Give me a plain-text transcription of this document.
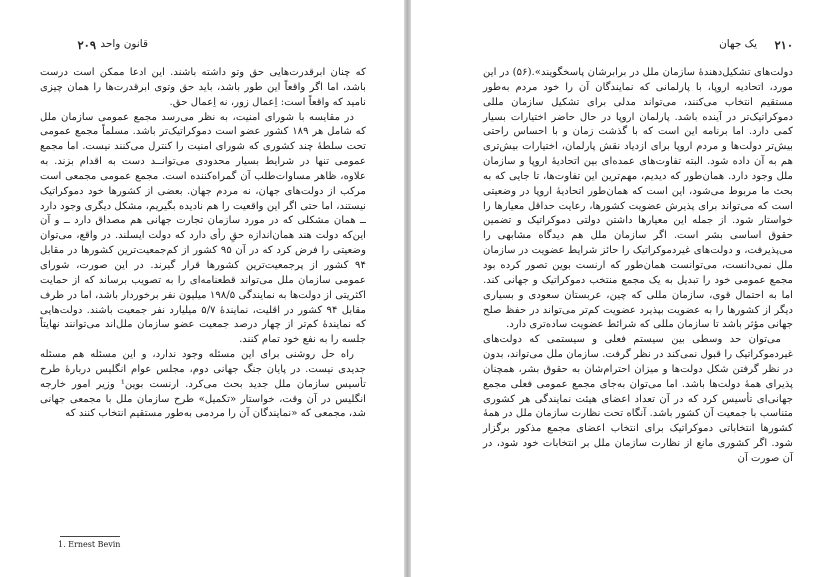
قانون واحد
۲۰۹

که چنان ابرقدرت‌هایی حق وتو داشته باشند. این ادعا ممکن است درست باشد، اما اگر واقعاً این طور باشد، باید حق وتوی ابرقدرت‌ها را همان چیزی نامید که واقعاً است: اِعمال زور، نه اِعمال حق.

در مقایسه با شورای امنیت، به نظر می‌رسد مجمع عمومی سازمان ملل که شامل هر ۱۸۹ کشور عضو است دموکراتیک‌تر باشد. مسلماً مجمع عمومی تحت سلطهٔ چند کشوری که شورای امنیت را کنترل می‌کنند نیست. اما مجمع عمومی تنها در شرایط بسیار محدودی می‌توانــد دست به اقدام بزند. به علاوه، ظاهر مساوات‌طلب آن گمراه‌کننده است. مجمع عمومی مجمعی است مرکب از دولت‌های جهان، نه مردم جهان. بعضی از کشورها خود دموکراتیک نیستند، اما حتی اگر این واقعیت را هم نادیده بگیریم، مشکل دیگری وجود دارد ــ همان مشکلی که در مورد سازمان تجارت جهانی هم مصداق دارد ــ و آن این‌که دولت هند همان‌اندازه حقِ رأی دارد که دولت ایسلند. در واقع، می‌توان وضعیتی را فرض کرد که در آن ۹۵ کشور از کم‌جمعیت‌ترین کشورها در مقابل ۹۴ کشور از پرجمعیت‌ترین کشورها قرار گیرند. در این صورت، شورای عمومی سازمان ملل می‌تواند قطعنامه‌ای را به تصویب برساند که از حمایت اکثریتی از دولت‌ها به نمایندگی ۱۹۸/۵ میلیون نفر برخوردار باشد، اما در طرف مقابل ۹۴ کشور در اقلیت، نمایندهٔ ۵/۷ میلیارد نفر جمعیت باشند. دولت‌هایی که نمایندهٔ کم‌تر از چهار درصد جمعیت عضو سازمان ملل‌اند می‌توانند نهایتاً جلسه را به نفع خود تمام کنند.

راه حل روشنی برای این مسئله وجود ندارد، و این مسئله هم مسئله جدیدی نیست. در پایان جنگ جهانی دوم، مجلس عوام انگلیس دربارهٔ طرح تأسیس سازمان ملل جدید بحث می‌کرد. ارنست بوین¹ وزیر امور خارجه انگلیس در آن وقت، خواستار «تکمیل» طرح سازمان ملل با مجمعی جهانی شد، مجمعی که «نمایندگان آن را مردمی به‌طور مستقیم انتخاب کنند که

1. Ernest Bevin
۲۱۰
یک جهان

دولت‌های تشکیل‌دهندهٔ سازمان ملل در برابرشان پاسخگویند».(۵۶) در این مورد، اتحادیه اروپا، با پارلمانی که نمایندگان آن را خود مردم به‌طور مستقیم انتخاب می‌کنند، می‌تواند مدلی برای تشکیل سازمان مللی دموکراتیک‌تر در آینده باشد. پارلمان اروپا در حال حاضر اختیارات بسیار کمی دارد. اما برنامه این است که با گذشت زمان و با احساس راحتی بیش‌تر دولت‌ها و مردم اروپا برای ازدیاد نقش پارلمان، اختیارات بیش‌تری هم به آن داده شود. البته تفاوت‌های عمده‌ای بین اتحادیهٔ اروپا و سازمان ملل وجود دارد. همان‌طور که دیدیم، مهم‌ترین این تفاوت‌ها، تا جایی که به بحث ما مربوط می‌شود، این است که همان‌طور اتحادیهٔ اروپا در وضعیتی است که می‌تواند برای پذیرش عضویت کشورها، رعایت حداقل معیارها را خواستار شود. از جمله این معیارها داشتن دولتی دموکراتیک و تضمین حقوق اساسی بشر است. اگر سازمان ملل هم دیدگاه مشابهی را می‌پذیرفت، و دولت‌های غیردموکراتیک را حائز شرایط عضویت در سازمان ملل نمی‌دانست، می‌توانست همان‌طور که ارنست بوین تصور کرده بود مجمع عمومی خود را تبدیل به یک مجمع منتخب دموکراتیک و جهانی کند. اما به احتمال قوی، سازمان مللی که چین، عربستان سعودی و بسیاری دیگر از کشورها را به عضویت بپذیرد عضویت کم‌تر می‌تواند در حفظ صلح جهانی مؤثر باشد تا سازمان مللی که شرائط عضویت ساده‌تری دارد.

می‌توان حد وسطی بین سیستم فعلی و سیستمی که دولت‌های غیردموکراتیک را قبول نمی‌کند در نظر گرفت. سازمان ملل می‌تواند، بدون در نظر گرفتن شکل دولت‌ها و میزان احترام‌شان به حقوق بشر، همچنان پذیرای همهٔ دولت‌ها باشد. اما می‌توان به‌جای مجمع عمومی فعلی مجمع جهانی‌ای تأسیس کرد که در آن تعداد اعضای هیئت نمایندگی هر کشوری متناسب با جمعیت آن کشور باشد. آنگاه تحت نظارت سازمان ملل در همهٔ کشورها انتخاباتی دموکراتیک برای انتخاب اعضای مجمع مذکور برگزار شود. اگر کشوری مانع از نظارت سازمان ملل بر انتخابات خود شود، در آن صورت آن
